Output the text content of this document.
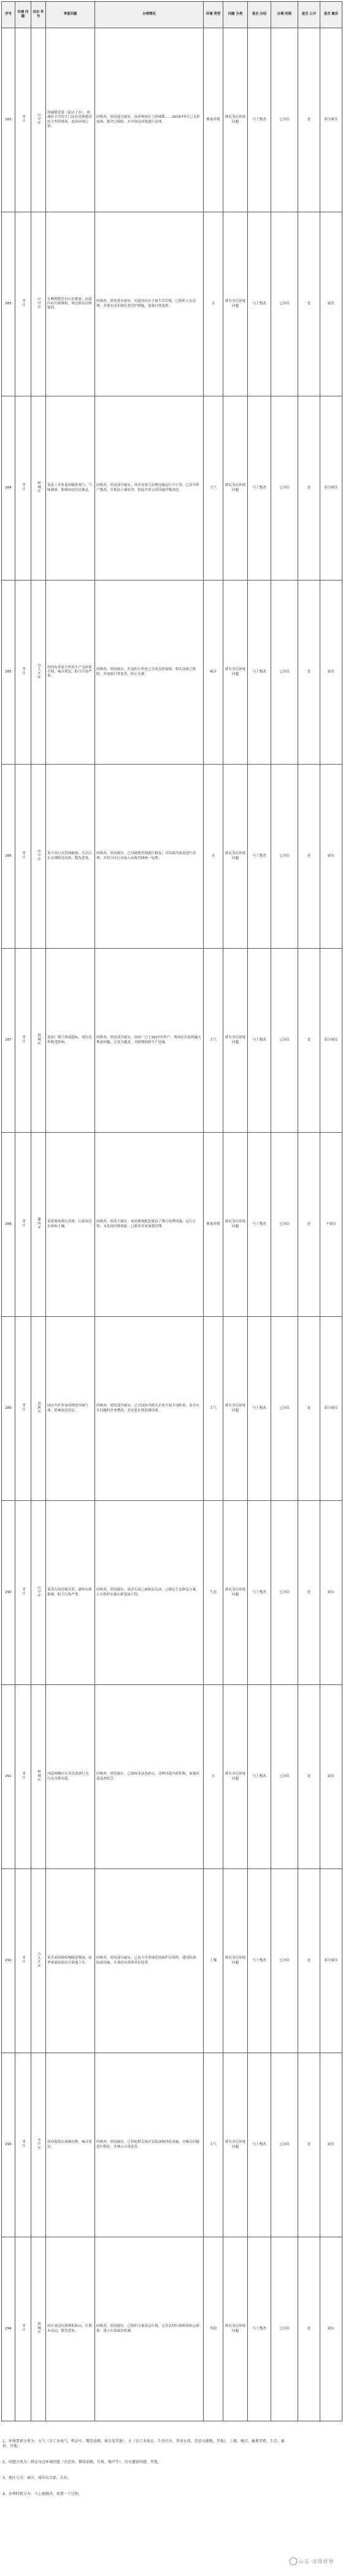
序号	环境 问题	信访 件号	举报问题	办理情况	环境 类型	问题 分类	是否 办结	办理 时限	是否 公开	是否 属实
282	枣庄	山亭区	薛城镇党委（原店子乡）、薛城区卫生院大门边有违规建设的大型养猪场，造成环境污染。	经核查，情况部分属实。该养殖场位于薛城镇……2018年5月已关停取缔，猪舍已拆除，并对周边环境进行清理。	畜禽养殖	群众身边环境问题	马上整改	已办结	是	部分属实
283	枣庄	山亭区	长峰桥附近有污水排放，河道内有垃圾堆积，周边群众反映强烈。	经核查，情况基本属实。河道内存在少量生活垃圾，已组织人员清理，并落实河长制长效管护措施，加强日常巡查。	水	群众身边环境问题	马上整改	已办结	是	属实
284	枣庄	峄城区	某化工企业夜间偷排废气，气味刺鼻，影响周边居民休息。	经核查，情况部分属实。该企业废气治理设施运行不正常，已责令停产整改，并依法立案处罚，督促企业完成设施升级改造。	大气	群众身边环境问题	马上整改	已办结	是	部分属实
285	枣庄	台儿庄区	村内有多家小作坊生产无环保手续，噪音扰民，粉尘污染严重。	经核查，情况属实。涉及的小作坊已全部关停取缔，相关设备已拆除，并加强日常监管，防止反弹。	噪音	群众身边环境问题	马上整改	已办结	是	属实
286	枣庄	市中区	某小区污水管网破损，生活污水直排附近沟渠，散发恶臭。	经核查，情况属实。已对破损管网进行修复，对沟渠内淤泥进行清理，并将小区污水接入市政管网统一处理。	水	群众身边环境问题	马上整改	已办结	是	属实
287	枣庄	薛城区	某砖厂烟尘排放超标，周边农作物受影响。	经核查，情况部分属实。该砖厂已于2017年停产，现场存在原料露天堆放问题，已责令覆盖，并限期拆除生产设施。	大气	群众身边环境问题	马上整改	已办结	是	部分属实
288	枣庄	滕州市	某养殖场粪污直排，污染周边水体和土壤。	经核查，情况不属实。该养殖场配套建设了粪污处理设施，运行正常，未发现直排现象，已要求企业加强管理。	畜禽养殖	群众身边环境问题	马上整改	已办结	是	不属实
289	枣庄	高新区	园区内企业夜间排放异味气体，影响周边居民。	经核查，情况部分属实。已对园区内相关企业开展专项检查，责令存在问题的企业整改，并安装在线监测设备。	大气	群众身边环境问题	马上整改	已办结	是	部分属实
290	枣庄	山亭区	某采石场违规开采，破坏山体植被，粉尘污染严重。	经核查，情况属实。该采石场已被依法关闭，已制定生态修复方案，正在组织实施山体复绿工程。	生态	群众身边环境问题	马上整改	已办结	是	属实
291	枣庄	峄城区	河道两侧存在非法洗砂行为，污水直排河道。	经核查，情况属实。已取缔非法洗砂点，清理河道内淤积物，加强河道巡查监管。	水	群众身边环境问题	马上整改	已办结	是	属实
292	枣庄	台儿庄区	某企业固体废物随意堆放，雨季渗滤液流出污染地下水。	经核查，情况部分属实。已责令企业规范固废贮存场所，建设防渗、防雨设施，并委托有资质单位处置。	土壤	群众身边环境问题	马上整改	已办结	是	部分属实
293	枣庄	市中区	商业街饭店油烟直排，噪音扰民。	经核查，情况属实。已督促相关饭店安装油烟净化设施，对噪音问题进行整改，并纳入日常监管。	大气	群众身边环境问题	马上整改	已办结	是	属实
294	枣庄	薛城区	村庄周边垃圾堆积如山，长期未清运，散发恶臭。	经核查，情况属实。已组织力量清运垃圾，完善农村垃圾收集转运体系，建立长效保洁机制。	其他	群众身边环境问题	马上整改	已办结	是	属实
1、环境要素分类为：大气（含工业废气、机动车、餐饮油烟、扬尘及其他）、水（含工业废水、生活污水、黑臭水体、饮用水源地、其他）、土壤、噪音、畜禽养殖、生态、辐射、其他。
2、问题分类为：群众身边环境问题（含恶臭、餐饮油烟、垃圾、噪声等）、历史遗留问题、其他。
3、地区分为：城市、城乡结合部、农村。
4、办理时限分为：马上能解决、需要一个过程。
山东·省级督察
